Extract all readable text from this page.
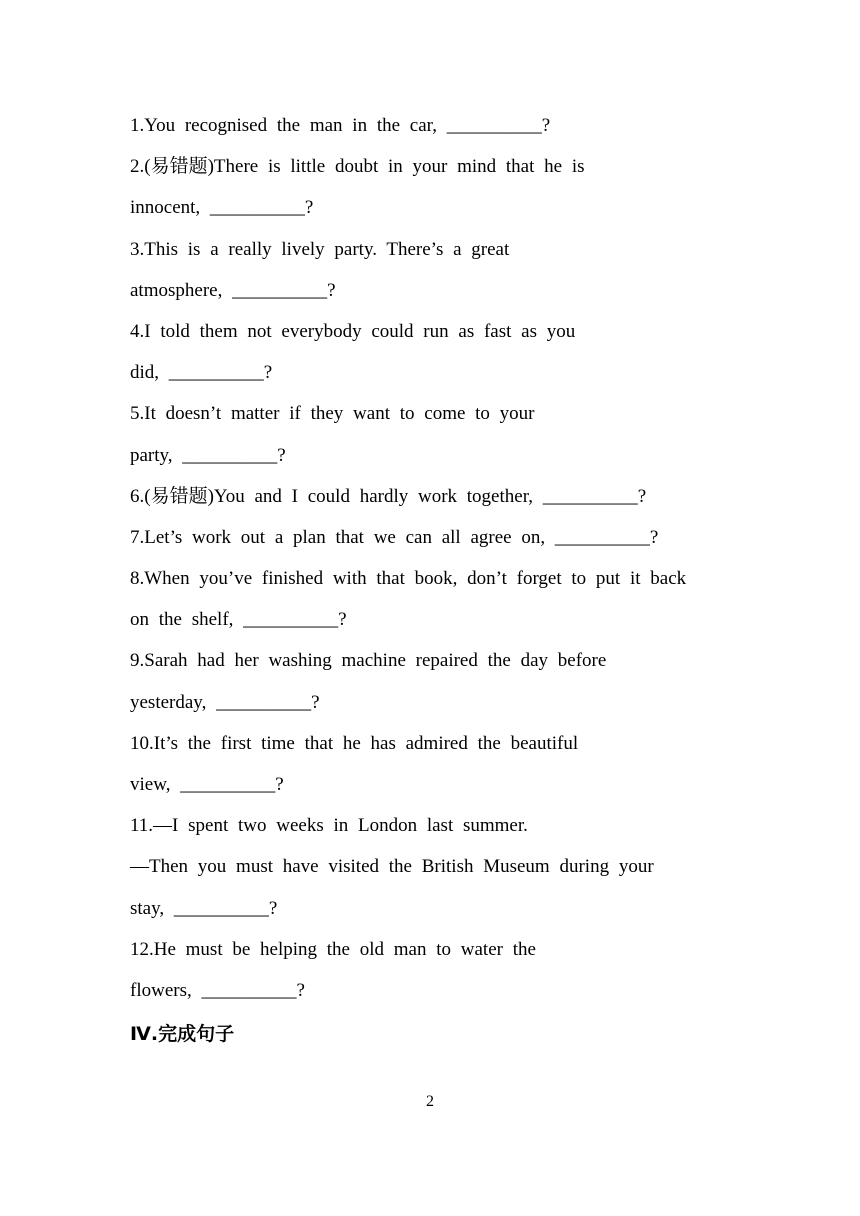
1.You recognised the man in the car, __________?
2.(易错题)There is little doubt in your mind that he is
innocent, __________?
3.This is a really lively party. There’s a great
atmosphere, __________?
4.I told them not everybody could run as fast as you
did, __________?
5.It doesn’t matter if they want to come to your
party, __________?
6.(易错题)You and I could hardly work together, __________?
7.Let’s work out a plan that we can all agree on, __________?
8.When you’ve finished with that book, don’t forget to put it back
on the shelf, __________?
9.Sarah had her washing machine repaired the day before
yesterday, __________?
10.It’s the first time that he has admired the beautiful
view, __________?
11.—I spent two weeks in London last summer.
—Then you must have visited the British Museum during your
stay, __________?
12.He must be helping the old man to water the
flowers, __________?
Ⅳ.完成句子
2
